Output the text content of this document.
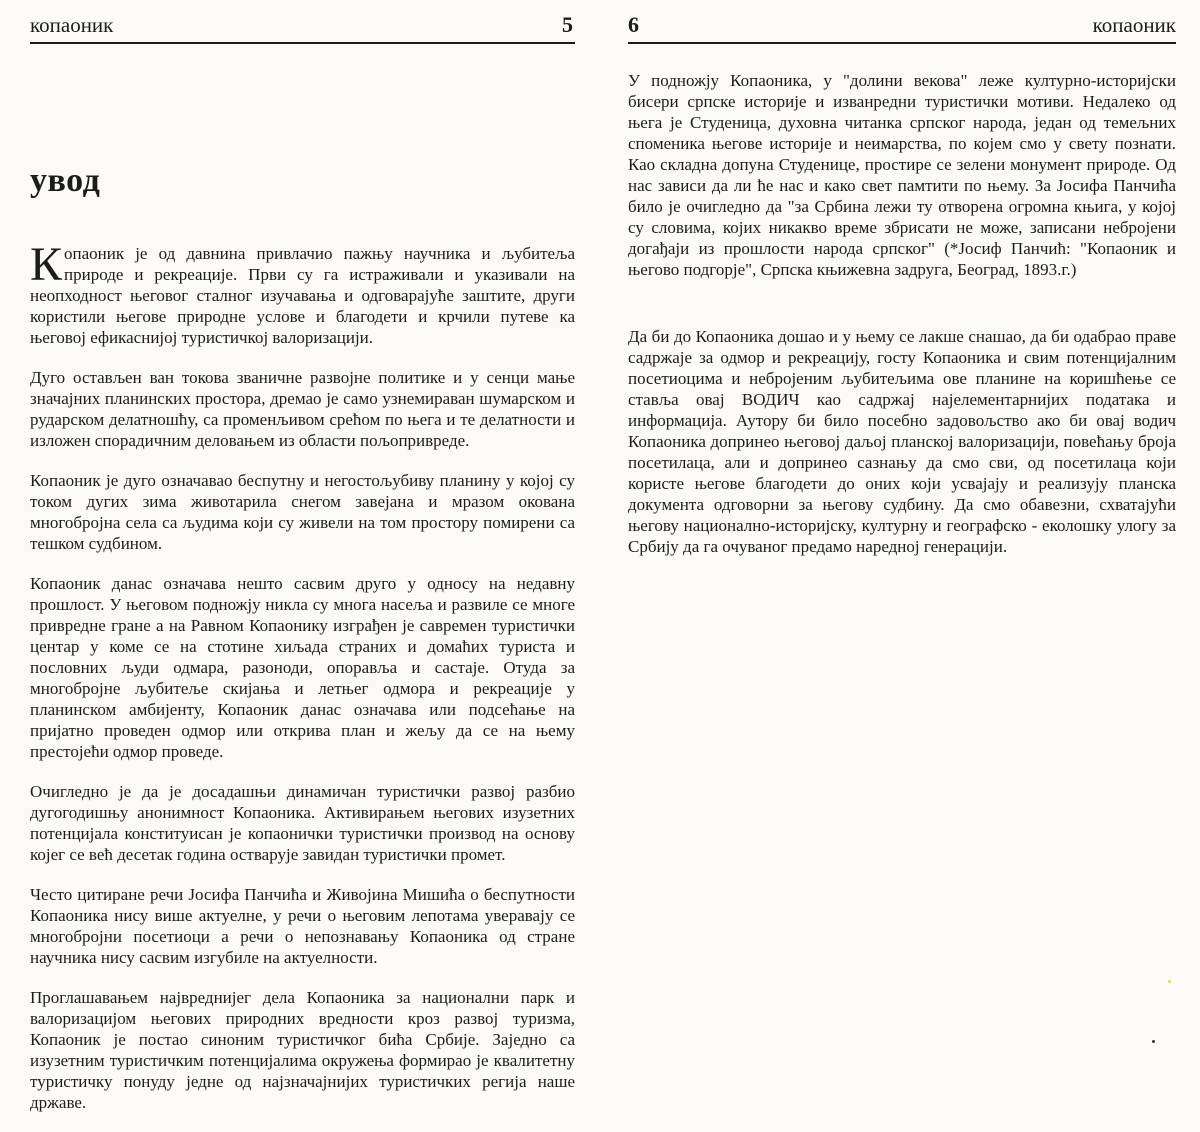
копаоник	5
увод

Копаоник је од давнина привлачио пажњу научника и љубитеља природе и рекреације. Први су га истраживали и указивали на неопходност његовог сталног изучавања и одговарајуће заштите, други користили његове природне услове и благодети и крчили путеве ка његовој ефикаснијој туристичкој валоризацији.

Дуго остављен ван токова званичне развојне политике и у сенци мање значајних планинских простора, дремао је само узнемираван шумарском и рударском делатношћу, са променљивом срећом по њега и те делатности и изложен спорадичним деловањем из области пољопривреде.

Копаоник је дуго означавао беспутну и негостољубиву планину у којој су током дугих зима животарила снегом завејана и мразом окована многобројна села са људима који су живели на том простору помирени са тешком судбином.

Копаоник данас означава нешто сасвим друго у односу на недавну прошлост. У његовом подножју никла су многа насеља и развиле се многе привредне гране а на Равном Копаонику изграђен је савремен туристички центар у коме се на стотине хиљада страних и домаћих туриста и пословних људи одмара, разоноди, опоравља и састаје. Отуда за многобројне љубитеље скијања и летњег одмора и рекреације у планинском амбијенту, Копаоник данас означава или подсећање на пријатно проведен одмор или открива план и жељу да се на њему престојећи одмор проведе.

Очигледно је да је досадашњи динамичан туристички развој разбио дугогодишњу анонимност Копаоника. Активирањем његових изузетних потенцијала конституисан је копаонички туристички производ на основу којег се већ десетак година остварује завидан туристички промет.

Често цитиране речи Јосифа Панчића и Живојина Мишића о беспутности Копаоника нису више актуелне, у речи о његовим лепотама уверавају се многобројни посетиоци а речи о непознавању Копаоника од стране научника нису сасвим изгубиле на актуелности.

Проглашавањем највреднијег дела Копаоника за национални парк и валоризацијом његових природних вредности кроз развој туризма, Копаоник је постао синоним туристичког бића Србије. Заједно са изузетним туристичким потенцијалима окружења формирао је квалитетну туристичку понуду једне од најзначајнијих туристичких регија наше државе.

6	копаоник

У подножју Копаоника, у "долини векова" леже културно-историјски бисери српске историје и изванредни туристички мотиви. Недалеко од њега је Студеница, духовна читанка српског народа, један од темељних споменика његове историје и неимарства, по којем смо у свету познати. Као складна допуна Студенице, простире се зелени монумент природе. Од нас зависи да ли ће нас и како свет памтити по њему. За Јосифа Панчића било је очигледно да "за Србина лежи ту отворена огромна књига, у којој су словима, којих никакво време збрисати не може, записани небројени догађаји из прошлости народа српског" (*Јосиф Панчић: "Копаоник и његово подгорје", Српска књижевна задруга, Београд, 1893.г.)

Да би до Копаоника дошао и у њему се лакше снашао, да би одабрао праве садржаје за одмор и рекреацију, госту Копаоника и свим потенцијалним посетиоцима и небројеним љубитељима ове планине на коришћење се ставља овај ВОДИЧ као садржај најелементарнијих података и информација. Аутору би било посебно задовољство ако би овај водич Копаоника допринео његовој даљој планској валоризацији, повећању броја посетилаца, али и допринео сазнању да смо сви, од посетилаца који користе његове благодети до оних који усвајају и реализују планска документа одговорни за његову судбину. Да смо обавезни, схватајући његову национално-историјску, културну и географско - еколошку улогу за Србију да га очуваног предамо наредној генерацији.
